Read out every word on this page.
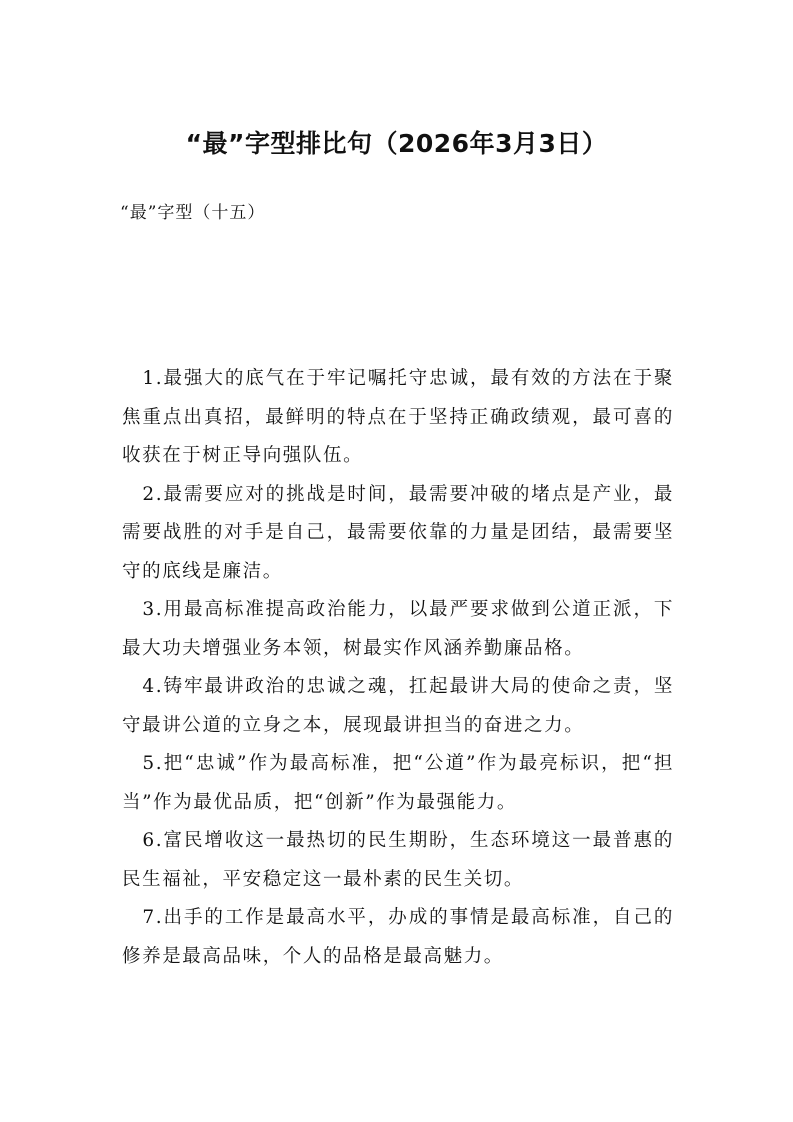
“最”字型排比句（2026年3月3日）
“最”字型（十五）

1.最强大的底气在于牢记嘱托守忠诚，最有效的方法在于聚焦重点出真招，最鲜明的特点在于坚持正确政绩观，最可喜的收获在于树正导向强队伍。

2.最需要应对的挑战是时间，最需要冲破的堵点是产业，最需要战胜的对手是自己，最需要依靠的力量是团结，最需要坚守的底线是廉洁。

3.用最高标准提高政治能力，以最严要求做到公道正派，下最大功夫增强业务本领，树最实作风涵养勤廉品格。

4.铸牢最讲政治的忠诚之魂，扛起最讲大局的使命之责，坚守最讲公道的立身之本，展现最讲担当的奋进之力。

5.把“忠诚”作为最高标准，把“公道”作为最亮标识，把“担当”作为最优品质，把“创新”作为最强能力。

6.富民增收这一最热切的民生期盼，生态环境这一最普惠的民生福祉，平安稳定这一最朴素的民生关切。

7.出手的工作是最高水平，办成的事情是最高标准，自己的修养是最高品味，个人的品格是最高魅力。
